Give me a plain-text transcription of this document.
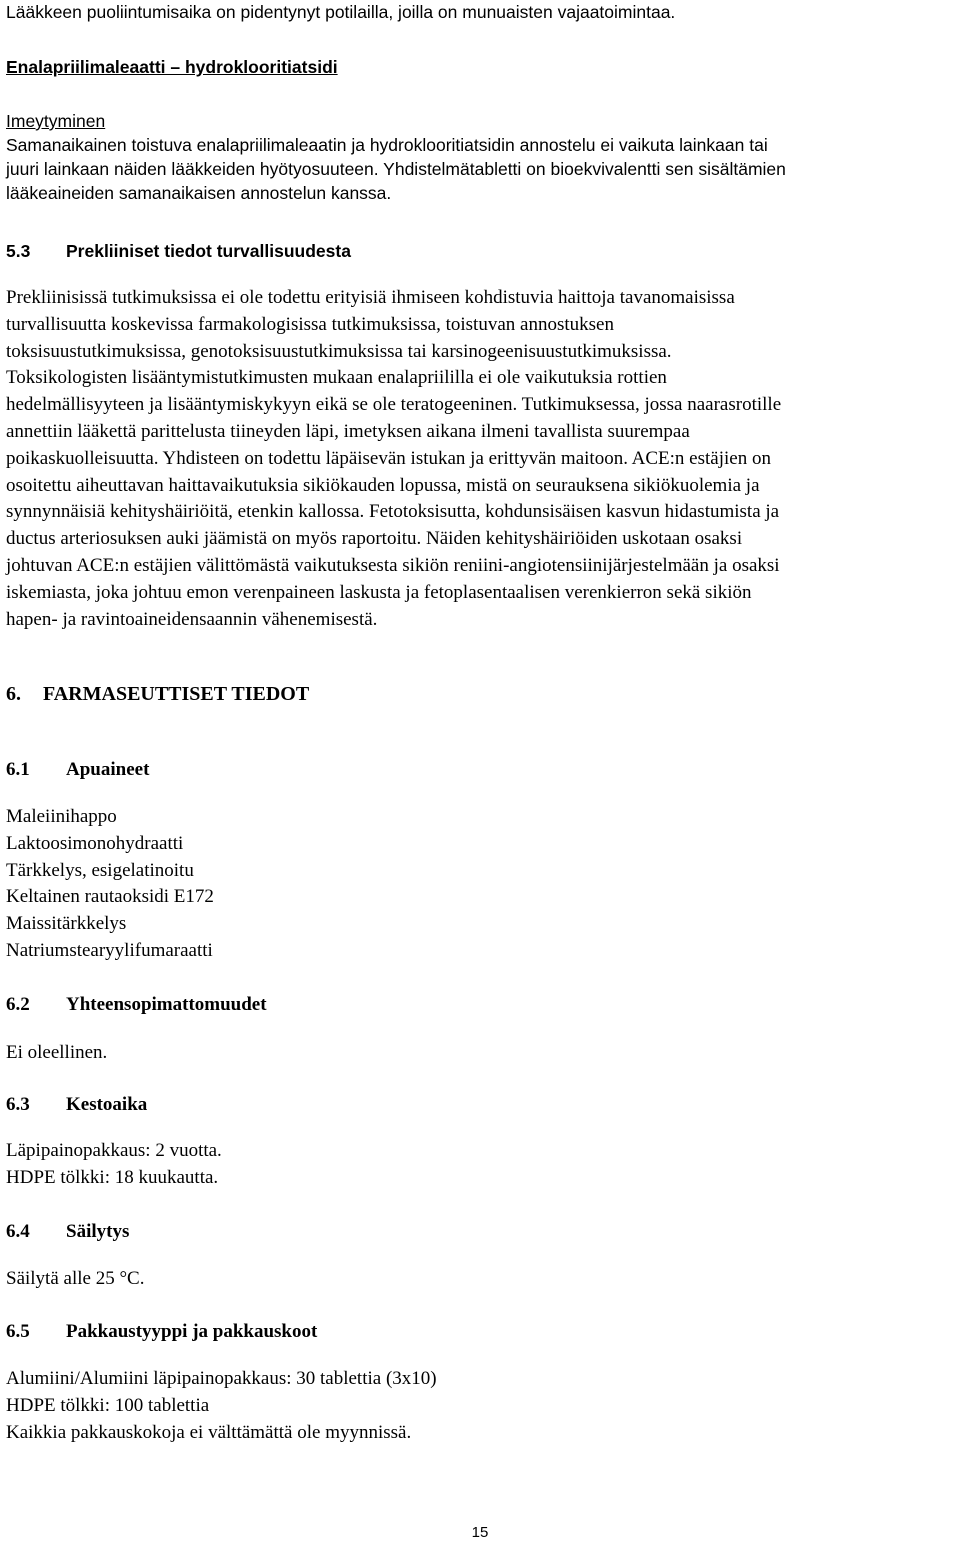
Lääkkeen puoliintumisaika on pidentynyt potilailla, joilla on munuaisten vajaatoimintaa.

Enalapriilimaleaatti – hydroklooritiatsidi

Imeytyminen

Samanaikainen toistuva enalapriilimaleaatin ja hydroklooritiatsidin annostelu ei vaikuta lainkaan tai
juuri lainkaan näiden lääkkeiden hyötyosuuteen. Yhdistelmätabletti on bioekvivalentti sen sisältämien
lääkeaineiden samanaikaisen annostelun kanssa.

5.3 Prekliiniset tiedot turvallisuudesta

Prekliinisissä tutkimuksissa ei ole todettu erityisiä ihmiseen kohdistuvia haittoja tavanomaisissa
turvallisuutta koskevissa farmakologisissa tutkimuksissa, toistuvan annostuksen
toksisuustutkimuksissa, genotoksisuustutkimuksissa tai karsinogeenisuustutkimuksissa.
Toksikologisten lisääntymistutkimusten mukaan enalapriililla ei ole vaikutuksia rottien
hedelmällisyyteen ja lisääntymiskykyyn eikä se ole teratogeeninen. Tutkimuksessa, jossa naarasrotille
annettiin lääkettä parittelusta tiineyden läpi, imetyksen aikana ilmeni tavallista suurempaa
poikaskuolleisuutta. Yhdisteen on todettu läpäisevän istukan ja erittyvän maitoon. ACE:n estäjien on
osoitettu aiheuttavan haittavaikutuksia sikiökauden lopussa, mistä on seurauksena sikiökuolemia ja
synnynnäisiä kehityshäiriöitä, etenkin kallossa. Fetotoksisutta, kohdunsisäisen kasvun hidastumista ja
ductus arteriosuksen auki jäämistä on myös raportoitu. Näiden kehityshäiriöiden uskotaan osaksi
johtuvan ACE:n estäjien välittömästä vaikutuksesta sikiön reniini-angiotensiinijärjestelmään ja osaksi
iskemiasta, joka johtuu emon verenpaineen laskusta ja fetoplasentaalisen verenkierron sekä sikiön
hapen- ja ravintoaineidensaannin vähenemisestä.

6. FARMASEUTTISET TIEDOT

6.1 Apuaineet

Maleiinihappo
Laktoosimonohydraatti
Tärkkelys, esigelatinoitu
Keltainen rautaoksidi E172
Maissitärkkelys
Natriumstearyylifumaraatti

6.2 Yhteensopimattomuudet

Ei oleellinen.

6.3 Kestoaika

Läpipainopakkaus: 2 vuotta.
HDPE tölkki: 18 kuukautta.

6.4 Säilytys

Säilytä alle 25 °C.

6.5 Pakkaustyyppi ja pakkauskoot

Alumiini/Alumiini läpipainopakkaus: 30 tablettia (3x10)
HDPE tölkki: 100 tablettia
Kaikkia pakkauskokoja ei välttämättä ole myynnissä.

15
